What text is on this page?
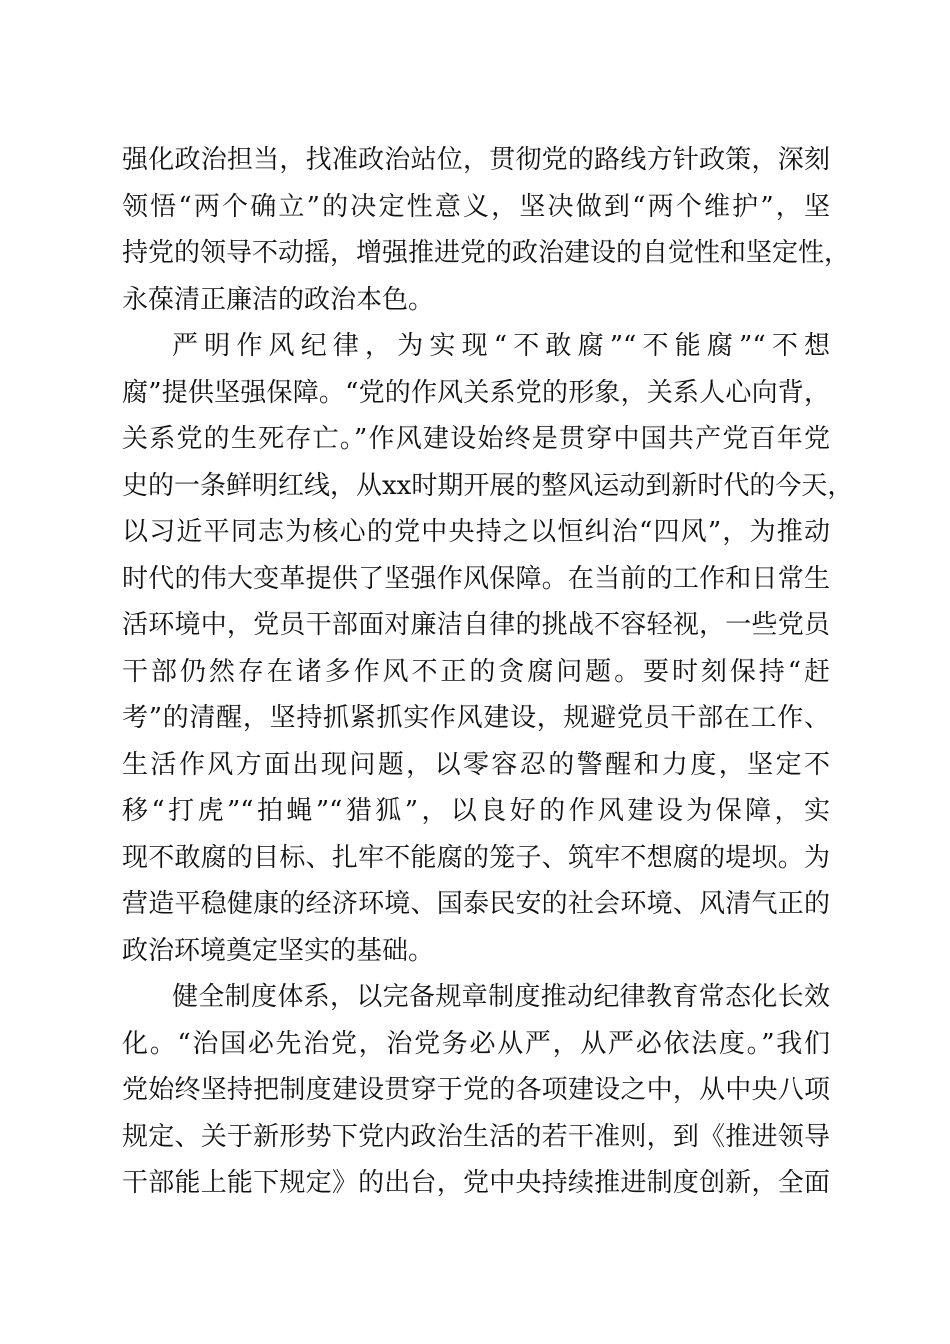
强化政治担当，找准政治站位，贯彻党的路线方针政策，深刻
领悟“两个确立”的决定性意义，坚决做到“两个维护”，坚
持党的领导不动摇，增强推进党的政治建设的自觉性和坚定性，
永葆清正廉洁的政治本色。
严明作风纪律，为实现“不敢腐”“不能腐”“不想
腐”提供坚强保障。“党的作风关系党的形象，关系人心向背，
关系党的生死存亡。”作风建设始终是贯穿中国共产党百年党
史的一条鲜明红线，从xx时期开展的整风运动到新时代的今天，
以习近平同志为核心的党中央持之以恒纠治“四风”，为推动
时代的伟大变革提供了坚强作风保障。在当前的工作和日常生
活环境中，党员干部面对廉洁自律的挑战不容轻视，一些党员
干部仍然存在诸多作风不正的贪腐问题。要时刻保持“赶
考”的清醒，坚持抓紧抓实作风建设，规避党员干部在工作、
生活作风方面出现问题，以零容忍的警醒和力度，坚定不
移“打虎”“拍蝇”“猎狐”，以良好的作风建设为保障，实
现不敢腐的目标、扎牢不能腐的笼子、筑牢不想腐的堤坝。为
营造平稳健康的经济环境、国泰民安的社会环境、风清气正的
政治环境奠定坚实的基础。
健全制度体系，以完备规章制度推动纪律教育常态化长效
化。“治国必先治党，治党务必从严，从严必依法度。”我们
党始终坚持把制度建设贯穿于党的各项建设之中，从中央八项
规定、关于新形势下党内政治生活的若干准则，到《推进领导
干部能上能下规定》的出台，党中央持续推进制度创新，全面
